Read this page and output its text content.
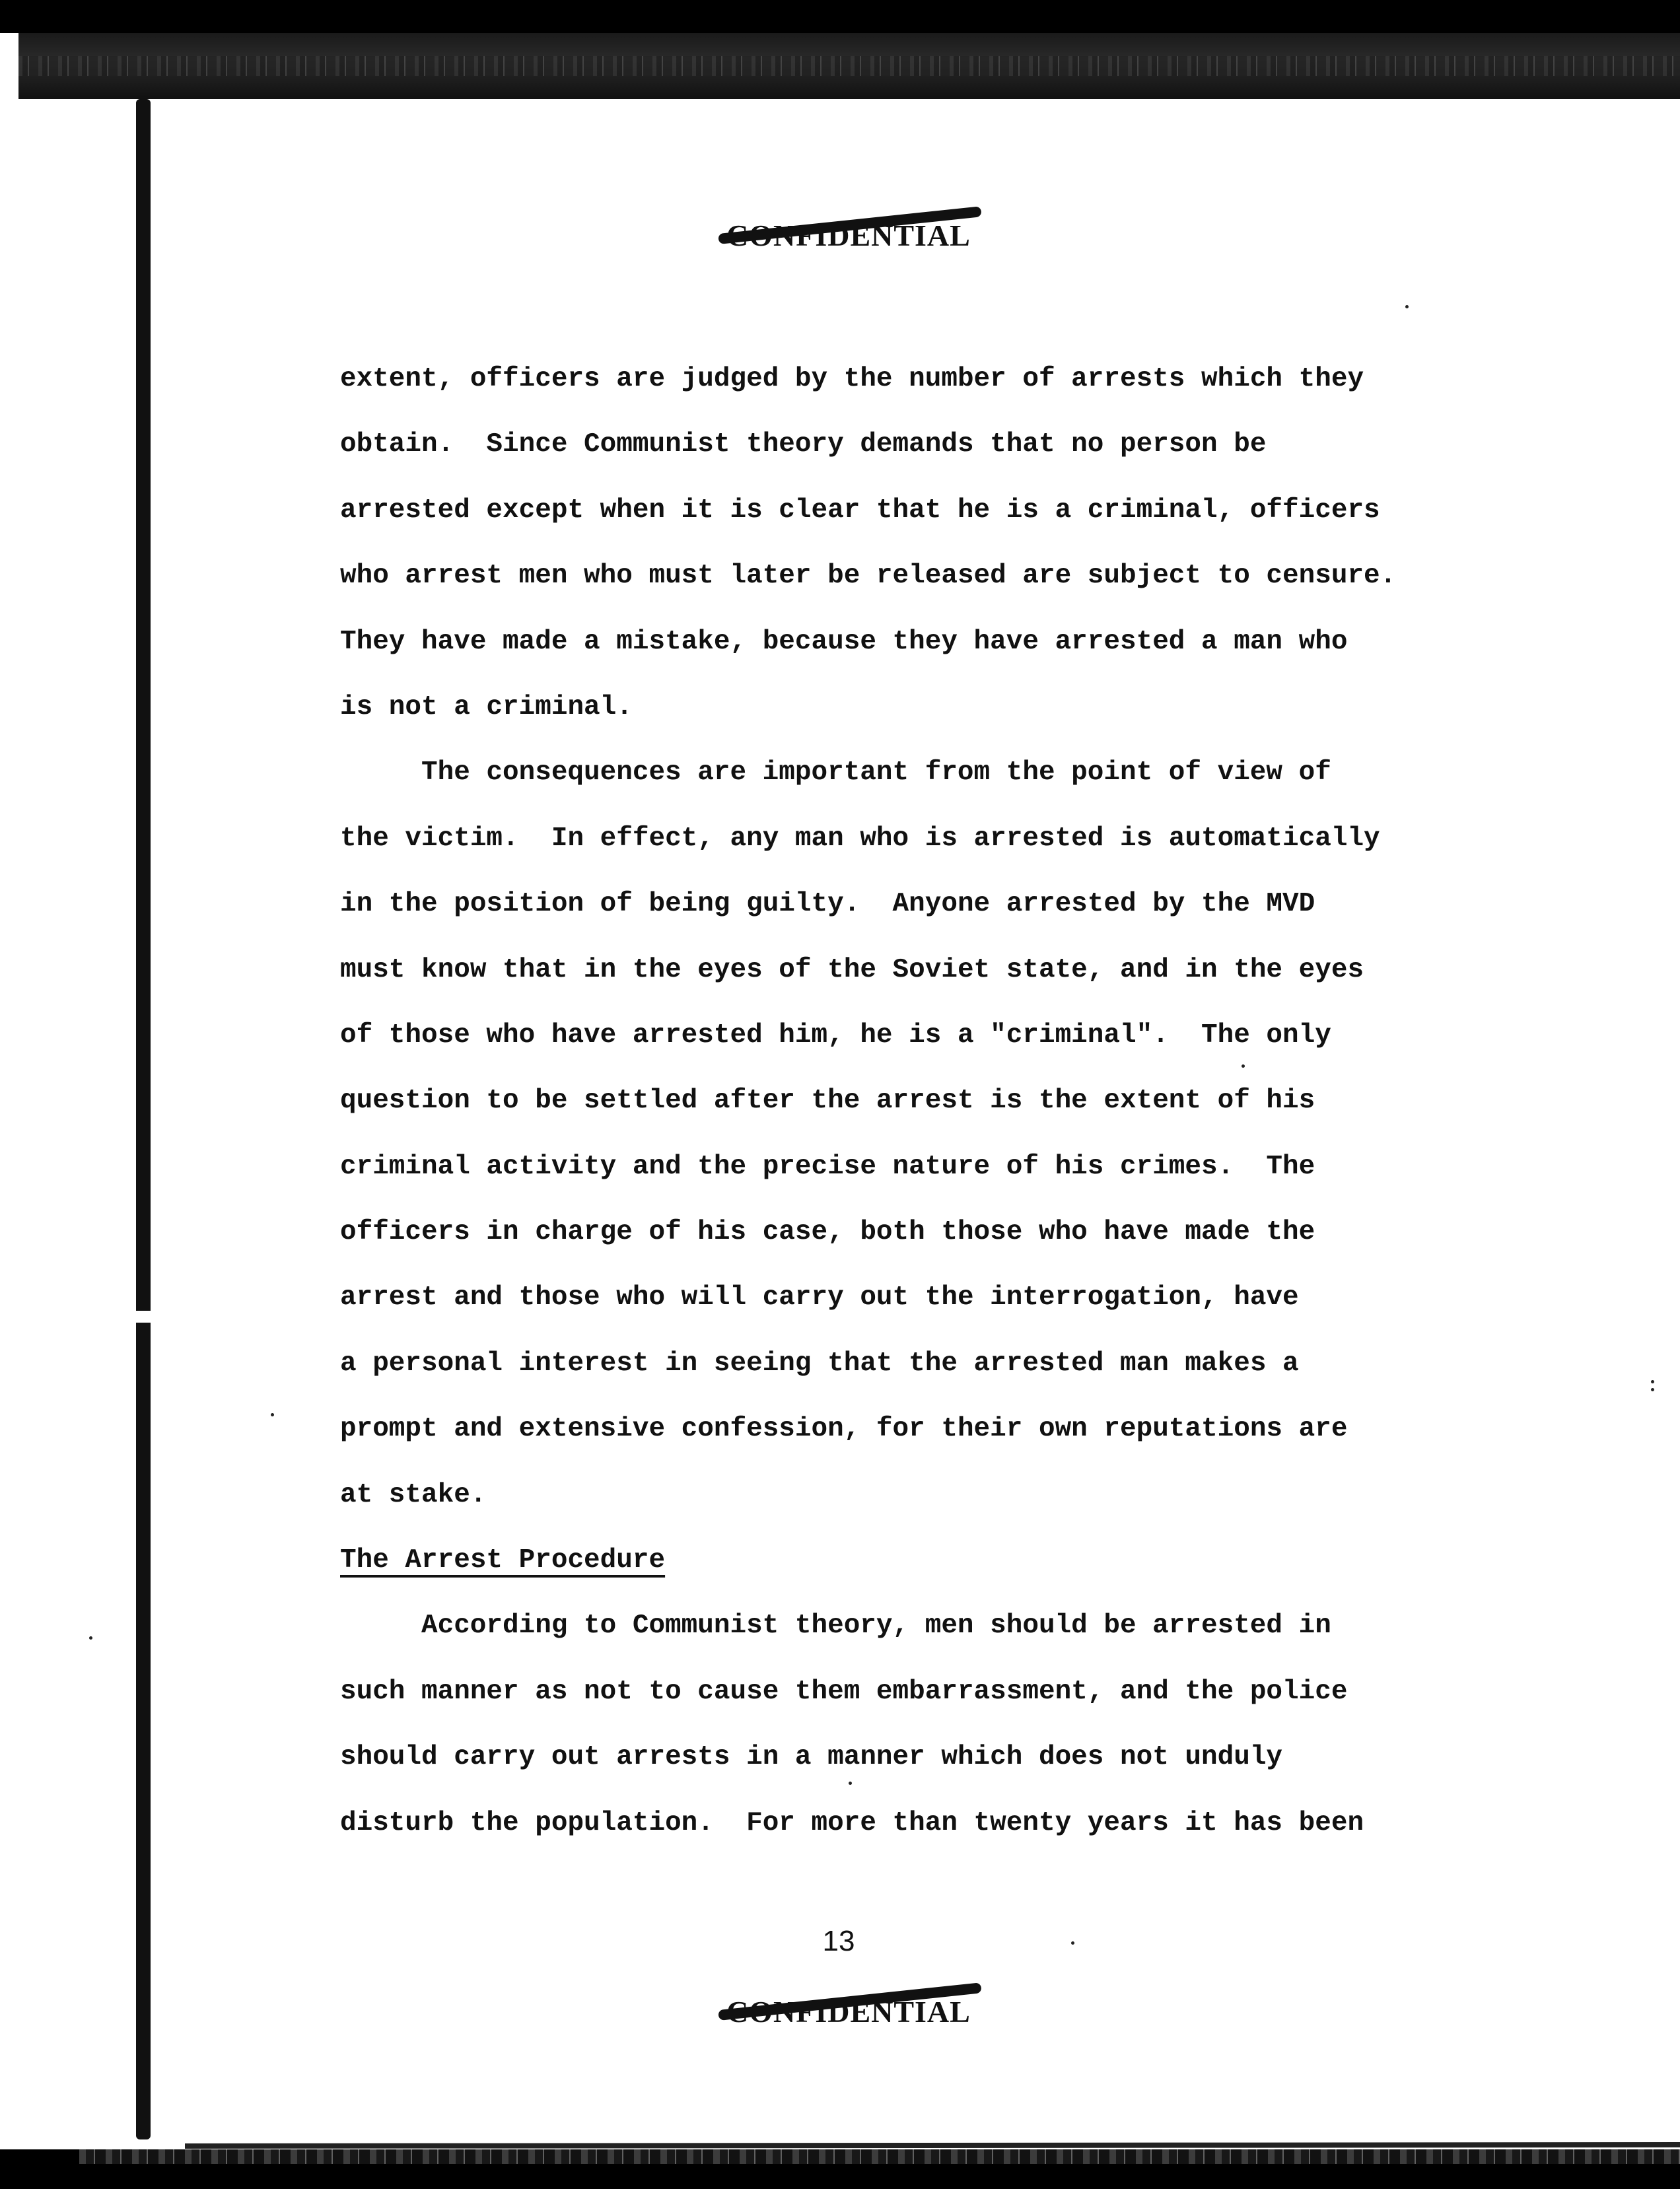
CONFIDENTIAL
extent, officers are judged by the number of arrests which they
obtain.  Since Communist theory demands that no person be
arrested except when it is clear that he is a criminal, officers
who arrest men who must later be released are subject to censure.
They have made a mistake, because they have arrested a man who
is not a criminal.
The consequences are important from the point of view of
the victim.  In effect, any man who is arrested is automatically
in the position of being guilty.  Anyone arrested by the MVD
must know that in the eyes of the Soviet state, and in the eyes
of those who have arrested him, he is a "criminal".  The only
question to be settled after the arrest is the extent of his
criminal activity and the precise nature of his crimes.  The
officers in charge of his case, both those who have made the
arrest and those who will carry out the interrogation, have
a personal interest in seeing that the arrested man makes a
prompt and extensive confession, for their own reputations are
at stake.
The Arrest Procedure
According to Communist theory, men should be arrested in
such manner as not to cause them embarrassment, and the police
should carry out arrests in a manner which does not unduly
disturb the population.  For more than twenty years it has been
13
CONFIDENTIAL
